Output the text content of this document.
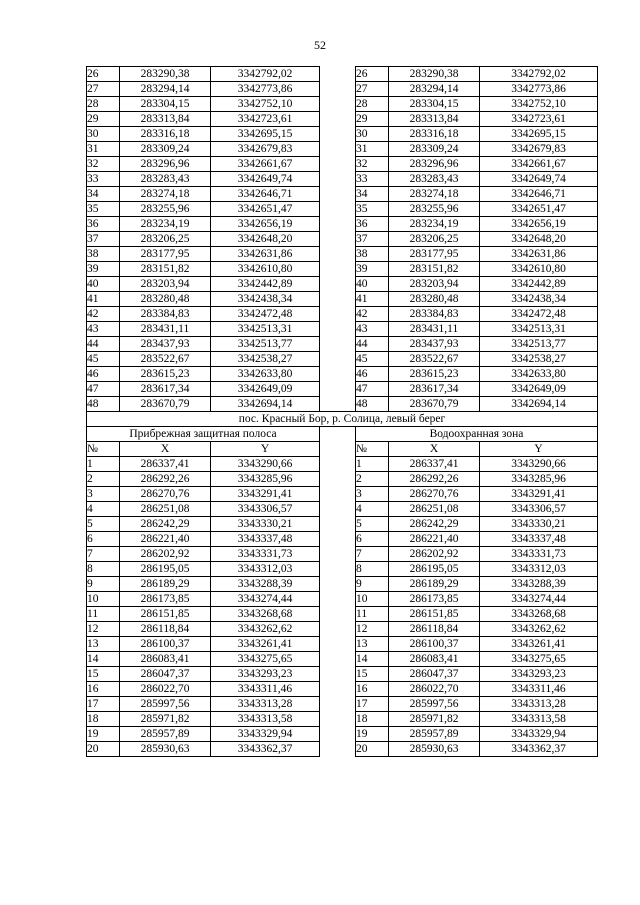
52
26	283290,38	3342792,02		26	283290,38	3342792,02
27	283294,14	3342773,86		27	283294,14	3342773,86
28	283304,15	3342752,10		28	283304,15	3342752,10
29	283313,84	3342723,61		29	283313,84	3342723,61
30	283316,18	3342695,15		30	283316,18	3342695,15
31	283309,24	3342679,83		31	283309,24	3342679,83
32	283296,96	3342661,67		32	283296,96	3342661,67
33	283283,43	3342649,74		33	283283,43	3342649,74
34	283274,18	3342646,71		34	283274,18	3342646,71
35	283255,96	3342651,47		35	283255,96	3342651,47
36	283234,19	3342656,19		36	283234,19	3342656,19
37	283206,25	3342648,20		37	283206,25	3342648,20
38	283177,95	3342631,86		38	283177,95	3342631,86
39	283151,82	3342610,80		39	283151,82	3342610,80
40	283203,94	3342442,89		40	283203,94	3342442,89
41	283280,48	3342438,34		41	283280,48	3342438,34
42	283384,83	3342472,48		42	283384,83	3342472,48
43	283431,11	3342513,31		43	283431,11	3342513,31
44	283437,93	3342513,77		44	283437,93	3342513,77
45	283522,67	3342538,27		45	283522,67	3342538,27
46	283615,23	3342633,80		46	283615,23	3342633,80
47	283617,34	3342649,09		47	283617,34	3342649,09
48	283670,79	3342694,14		48	283670,79	3342694,14
пос. Красный Бор, р. Солица, левый берег						
Прибрежная защитная полоса				Водоохранная зона		
№	X	Y		№	X	Y
1	286337,41	3343290,66		1	286337,41	3343290,66
2	286292,26	3343285,96		2	286292,26	3343285,96
3	286270,76	3343291,41		3	286270,76	3343291,41
4	286251,08	3343306,57		4	286251,08	3343306,57
5	286242,29	3343330,21		5	286242,29	3343330,21
6	286221,40	3343337,48		6	286221,40	3343337,48
7	286202,92	3343331,73		7	286202,92	3343331,73
8	286195,05	3343312,03		8	286195,05	3343312,03
9	286189,29	3343288,39		9	286189,29	3343288,39
10	286173,85	3343274,44		10	286173,85	3343274,44
11	286151,85	3343268,68		11	286151,85	3343268,68
12	286118,84	3343262,62		12	286118,84	3343262,62
13	286100,37	3343261,41		13	286100,37	3343261,41
14	286083,41	3343275,65		14	286083,41	3343275,65
15	286047,37	3343293,23		15	286047,37	3343293,23
16	286022,70	3343311,46		16	286022,70	3343311,46
17	285997,56	3343313,28		17	285997,56	3343313,28
18	285971,82	3343313,58		18	285971,82	3343313,58
19	285957,89	3343329,94		19	285957,89	3343329,94
20	285930,63	3343362,37		20	285930,63	3343362,37
